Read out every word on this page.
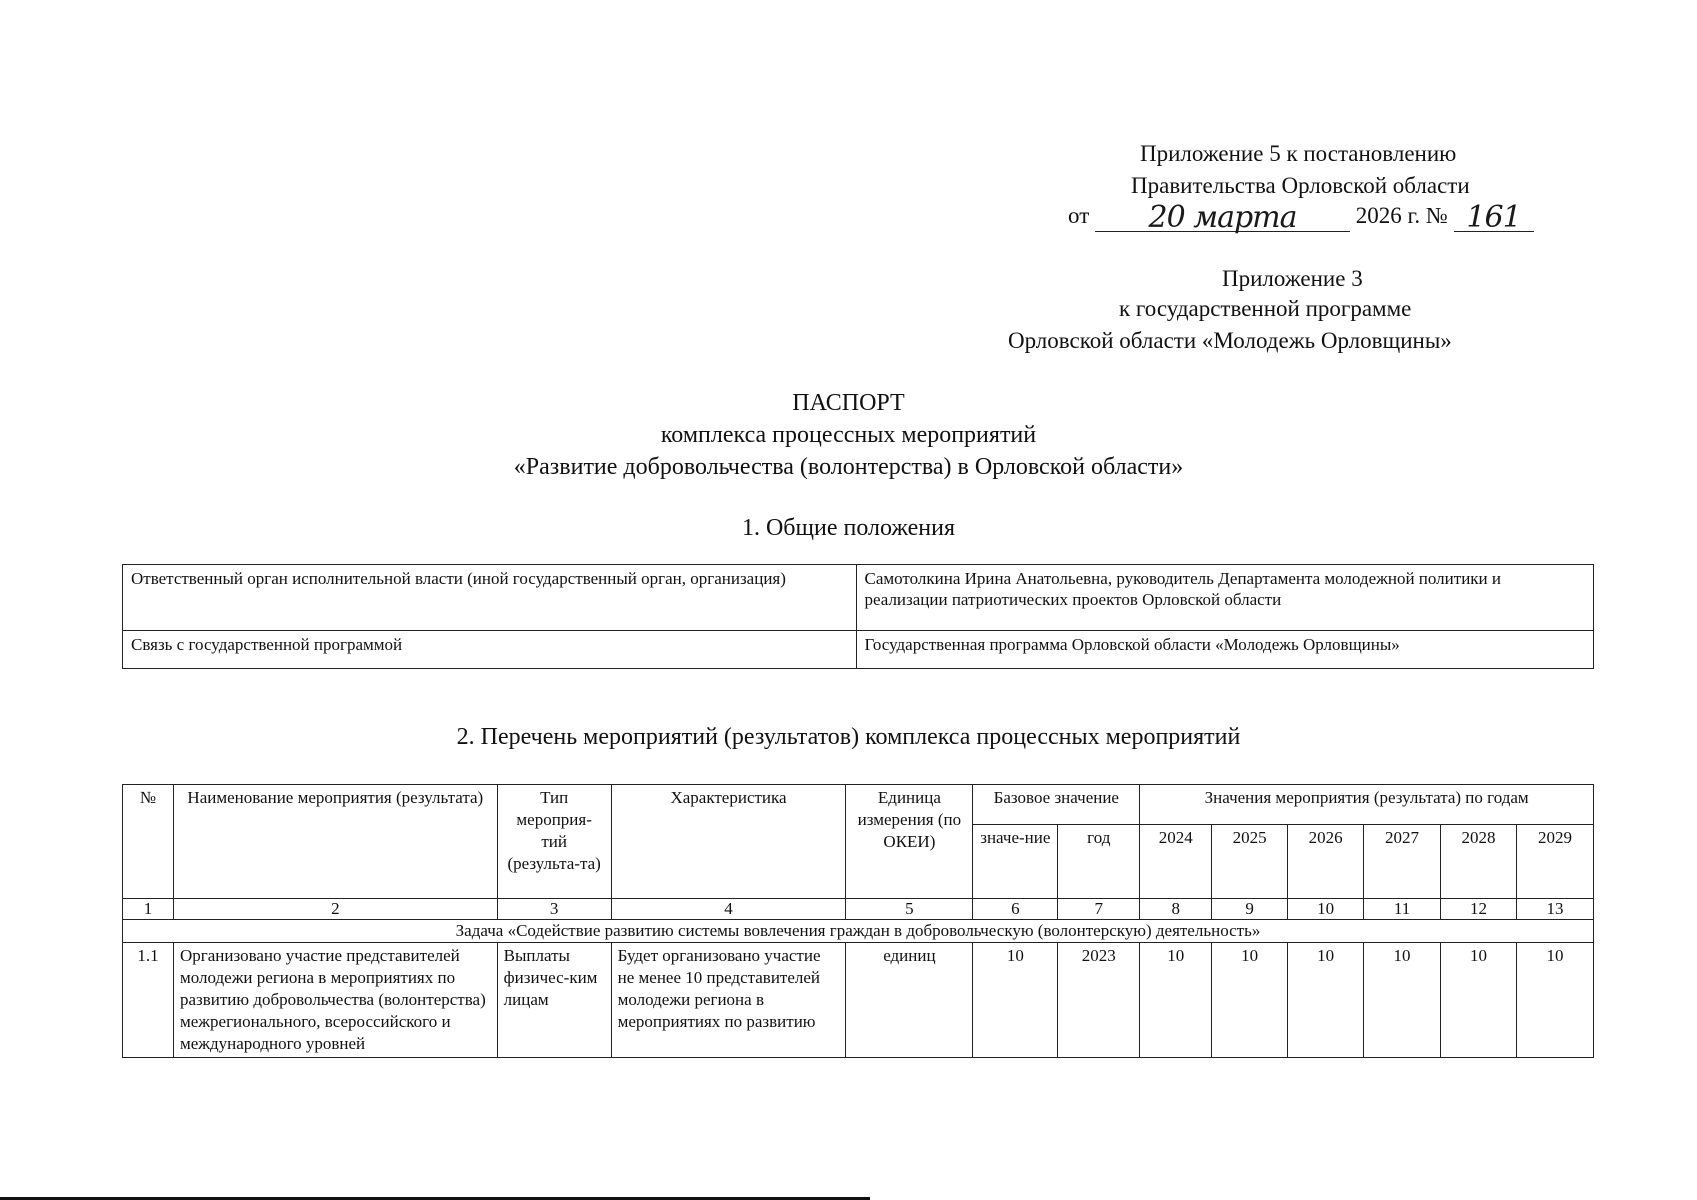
Приложение 5 к постановлению
Правительства Орловской области
от 20 марта	2026 г. № 161
Приложение 3
к государственной программе
Орловской области «Молодежь Орловщины»
ПАСПОРТ
комплекса процессных мероприятий
«Развитие добровольчества (волонтерства) в Орловской области»
1. Общие положения
Ответственный орган исполнительной власти (иной государственный орган, организация)	Самотолкина Ирина Анатольевна, руководитель Департамента молодежной политики и реализации патриотических проектов Орловской области
Связь с государственной программой	Государственная программа Орловской области «Молодежь Орловщины»
2. Перечень мероприятий (результатов) комплекса процессных мероприятий
№	Наименование мероприятия (результата)	Тип мероприя-тий (результа-та)	Характеристика	Единица измерения (по ОКЕИ)	Базовое значение		Значения мероприятия (результата) по годам					
					значе-ние	год	2024	2025	2026	2027	2028	2029
1	2	3	4	5	6	7	8	9	10	11	12	13
Задача «Содействие развитию системы вовлечения граждан в добровольческую (волонтерскую) деятельность»												
1.1	Организовано участие представителей молодежи региона в мероприятиях по развитию добровольчества (волонтерства) межрегионального, всероссийского и международного уровней	Выплаты физичес-ким лицам	Будет организовано участие не менее 10 представителей молодежи региона в мероприятиях по развитию	единиц	10	2023	10	10	10	10	10	10
